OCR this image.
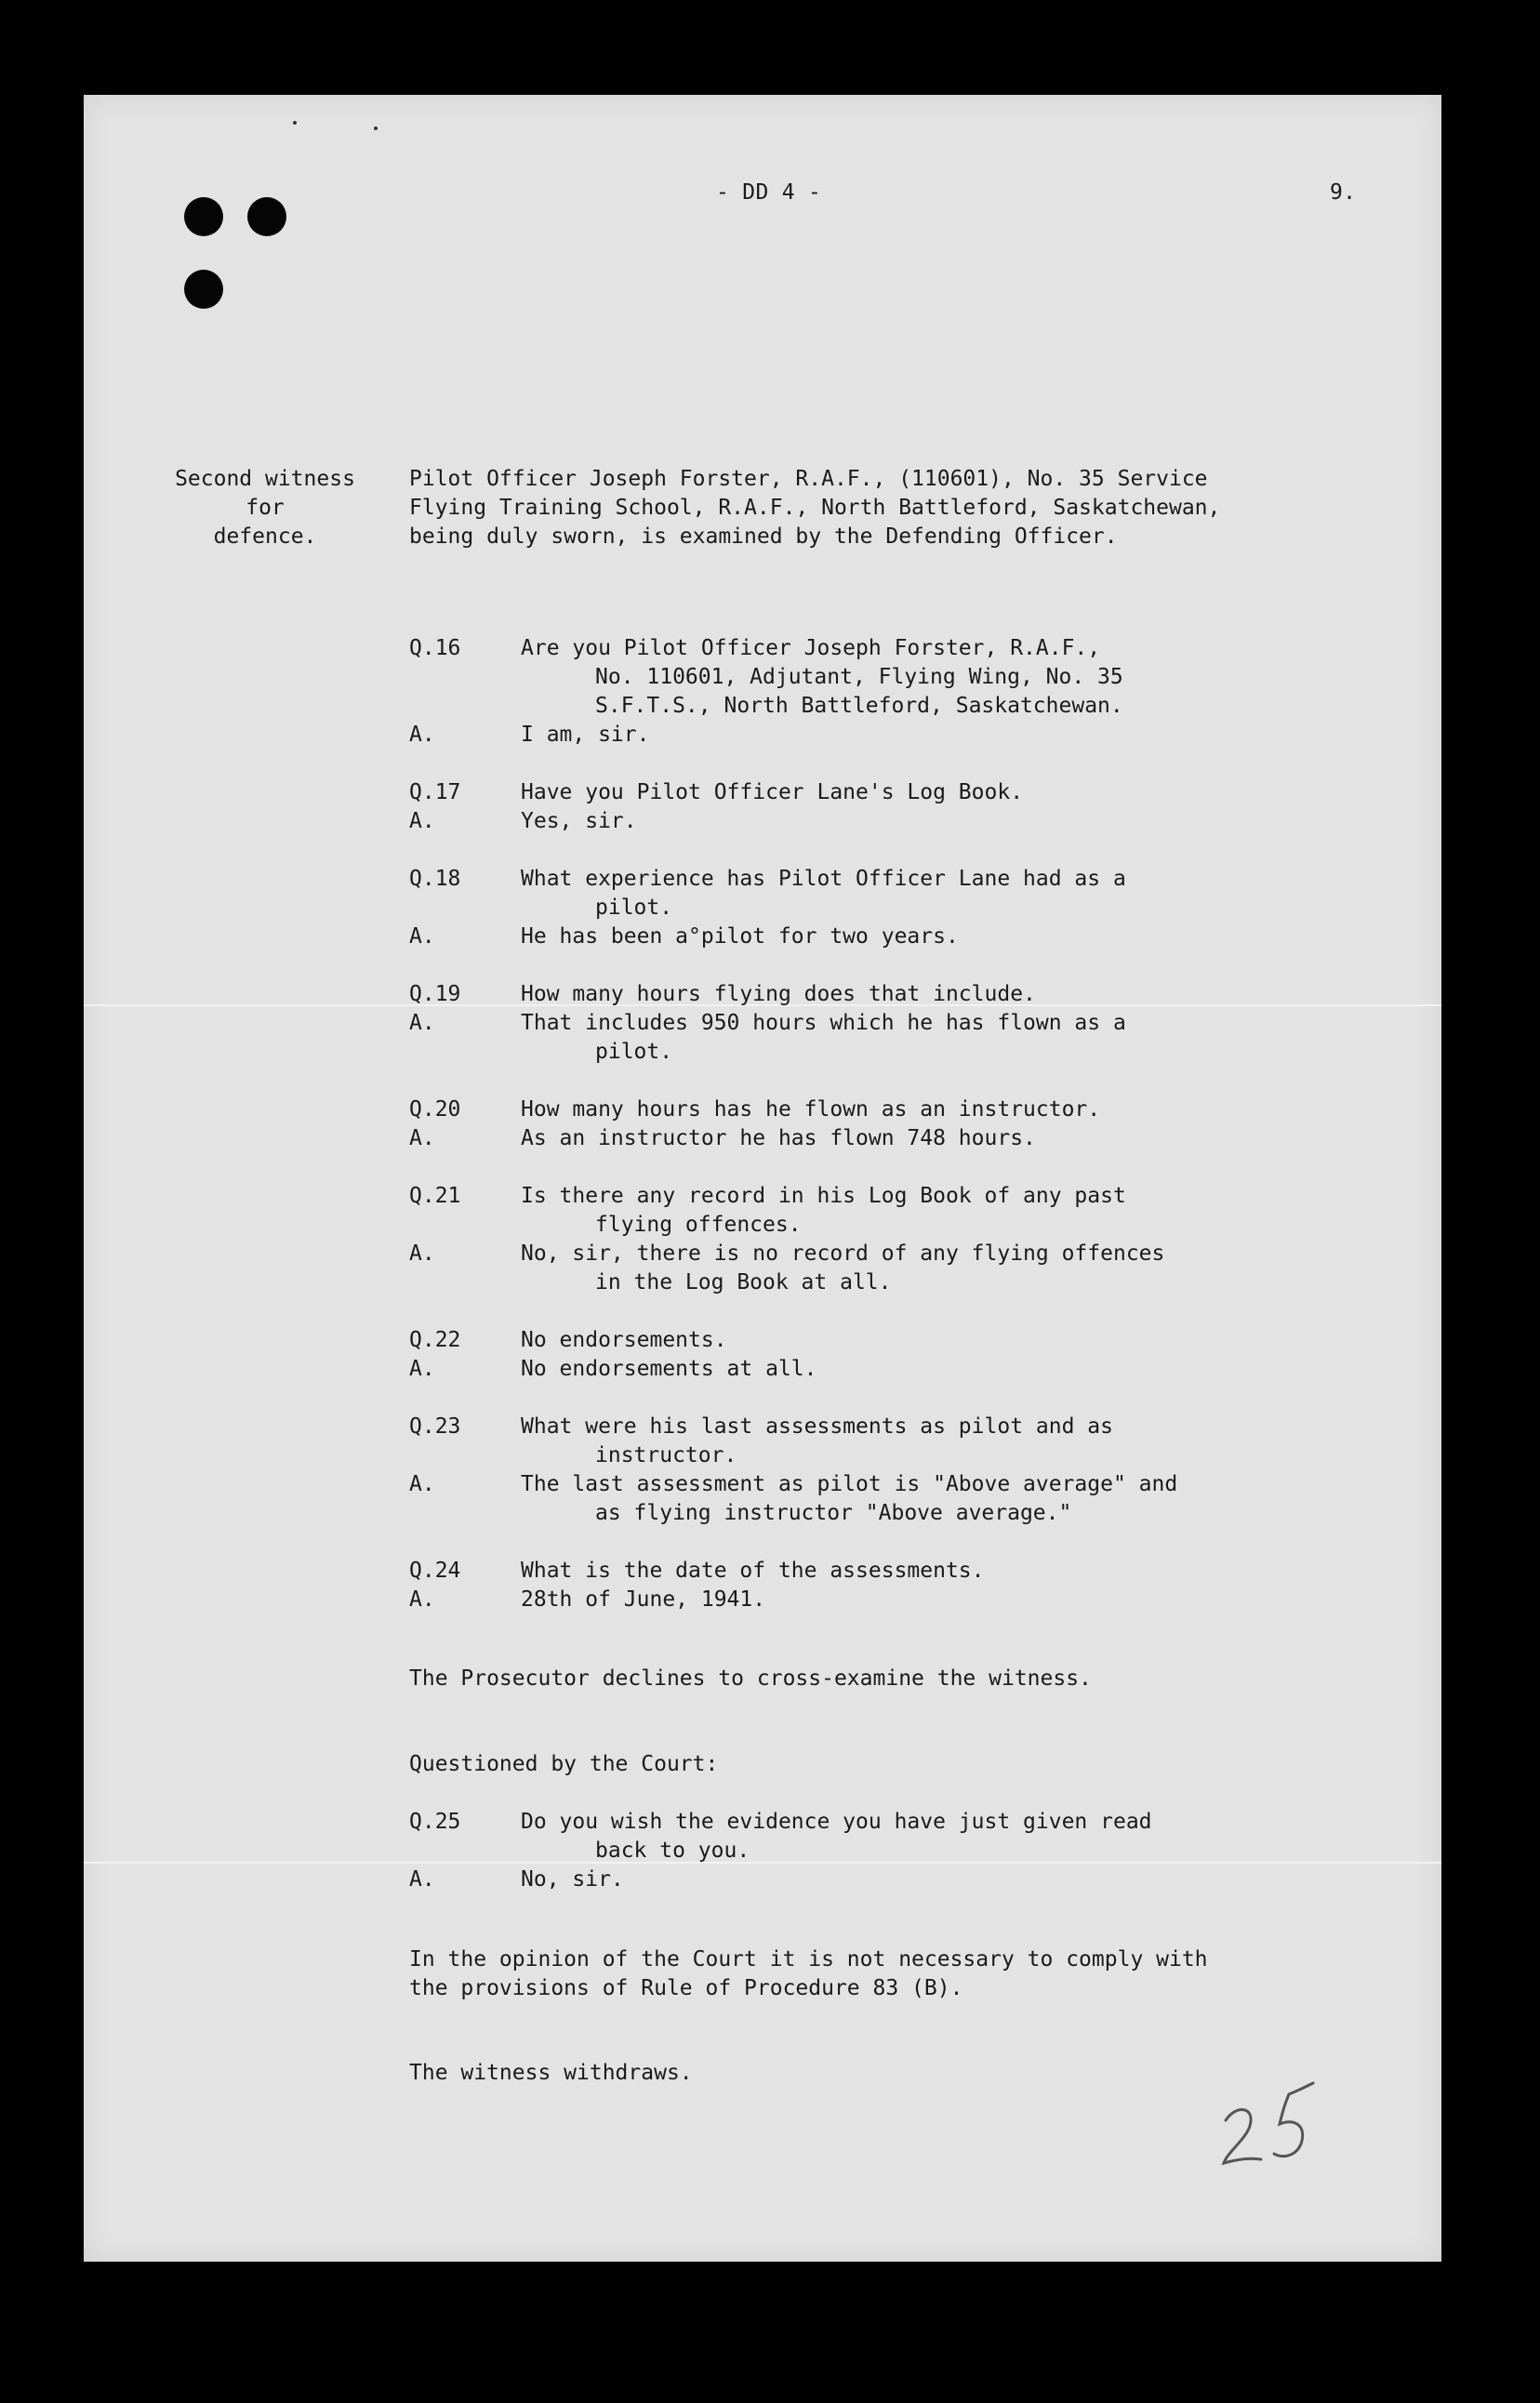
- DD 4 -	9.
Second witness
for
defence.
Pilot Officer Joseph Forster, R.A.F., (110601), No. 35 Service
Flying Training School, R.A.F., North Battleford, Saskatchewan,
being duly sworn, is examined by the Defending Officer.
Q.16	Are you Pilot Officer Joseph Forster, R.A.F.,
No. 110601, Adjutant, Flying Wing, No. 35
S.F.T.S., North Battleford, Saskatchewan.
A.	I am, sir.
Q.17	Have you Pilot Officer Lane's Log Book.
A.	Yes, sir.
Q.18	What experience has Pilot Officer Lane had as a
pilot.
A.	He has been a°pilot for two years.
Q.19	How many hours flying does that include.
A.	That includes 950 hours which he has flown as a
pilot.
Q.20	How many hours has he flown as an instructor.
A.	As an instructor he has flown 748 hours.
Q.21	Is there any record in his Log Book of any past
flying offences.
A.	No, sir, there is no record of any flying offences
in the Log Book at all.
Q.22	No endorsements.
A.	No endorsements at all.
Q.23	What were his last assessments as pilot and as
instructor.
A.	The last assessment as pilot is "Above average" and
as flying instructor "Above average."
Q.24	What is the date of the assessments.
A.	28th of June, 1941.
The Prosecutor declines to cross-examine the witness.
Questioned by the Court:
Q.25	Do you wish the evidence you have just given read
back to you.
A.	No, sir.
In the opinion of the Court it is not necessary to comply with
the provisions of Rule of Procedure 83 (B).
The witness withdraws.
